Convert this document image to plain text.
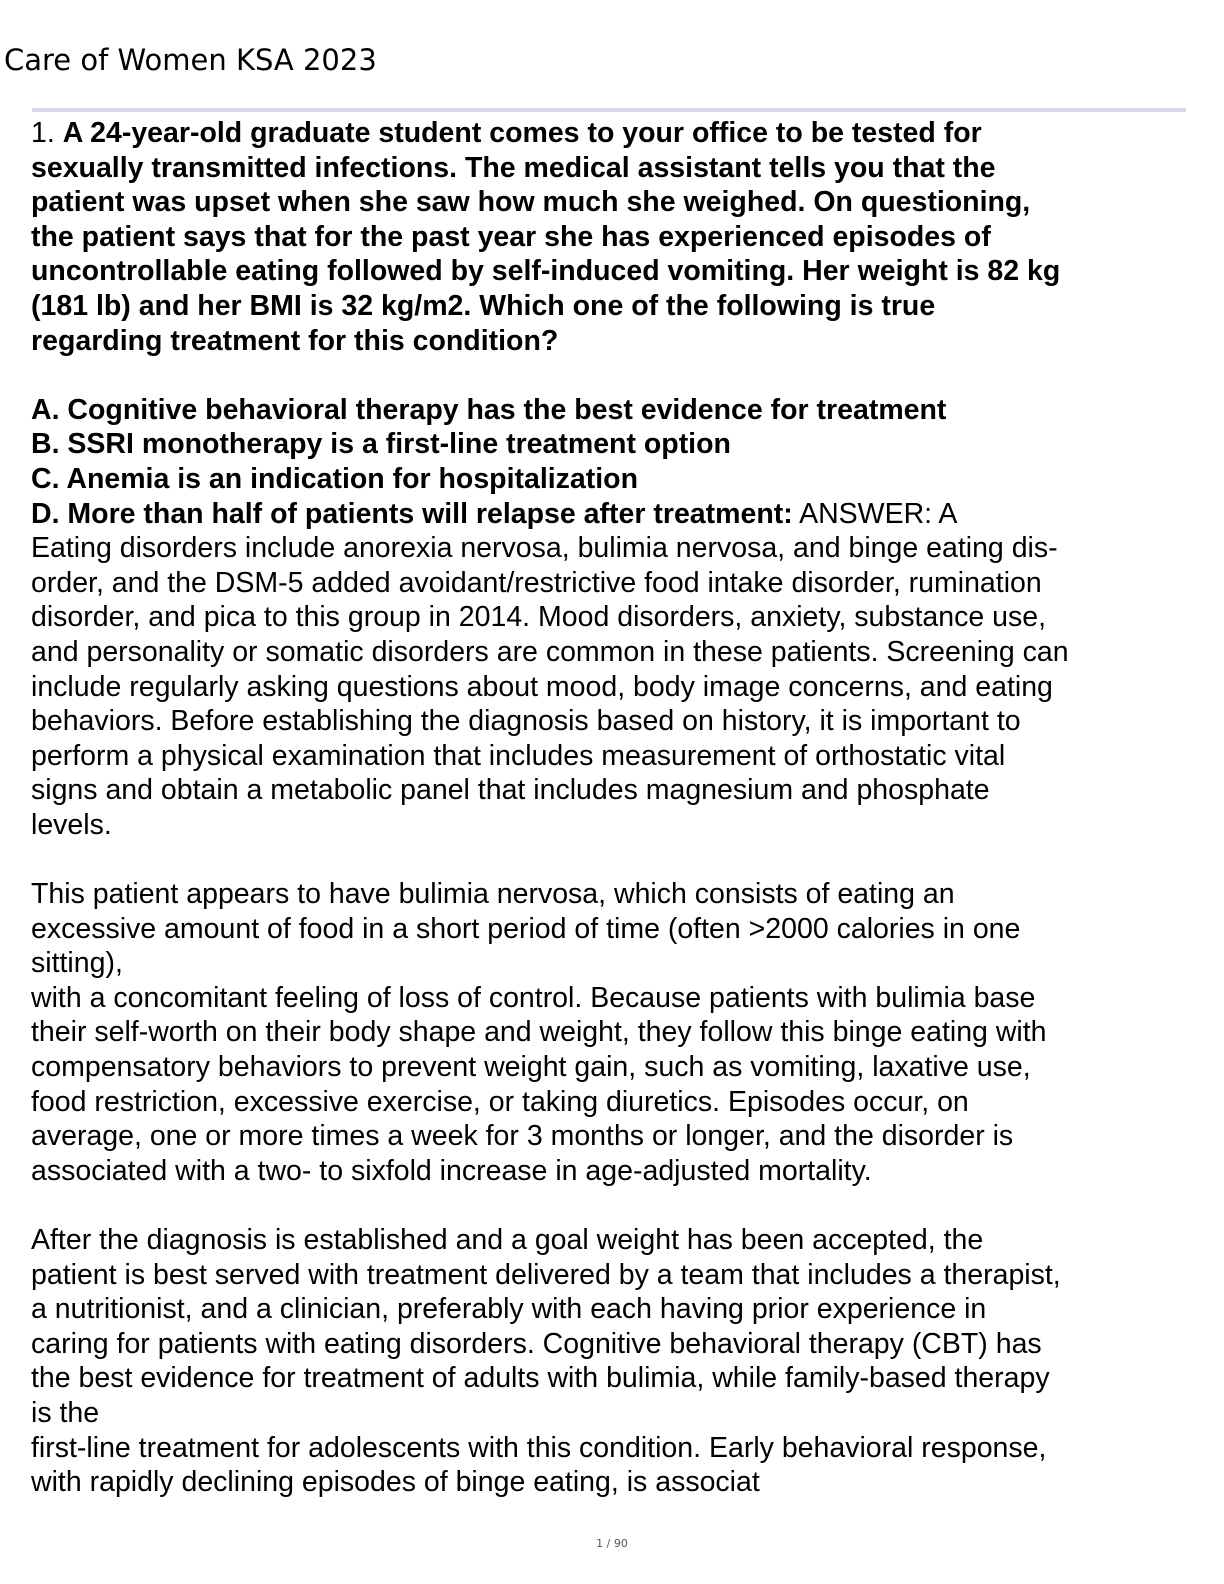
Care of Women KSA 2023

1. A 24-year-old graduate student comes to your office to be tested for

sexually transmitted infections. The medical assistant tells you that the

patient was upset when she saw how much she weighed. On questioning,

the patient says that for the past year she has experienced episodes of

uncontrollable eating followed by self-induced vomiting. Her weight is 82 kg

(181 lb) and her BMI is 32 kg/m2. Which one of the following is true

regarding treatment for this condition?

A. Cognitive behavioral therapy has the best evidence for treatment

B. SSRI monotherapy is a first-line treatment option

C. Anemia is an indication for hospitalization

D. More than half of patients will relapse after treatment: ANSWER: A

Eating disorders include anorexia nervosa, bulimia nervosa, and binge eating dis-

order, and the DSM-5 added avoidant/restrictive food intake disorder, rumination

disorder, and pica to this group in 2014. Mood disorders, anxiety, substance use,

and personality or somatic disorders are common in these patients. Screening can

include regularly asking questions about mood, body image concerns, and eating

behaviors. Before establishing the diagnosis based on history, it is important to

perform a physical examination that includes measurement of orthostatic vital

signs and obtain a metabolic panel that includes magnesium and phosphate

levels.

This patient appears to have bulimia nervosa, which consists of eating an

excessive amount of food in a short period of time (often >2000 calories in one

sitting),

with a concomitant feeling of loss of control. Because patients with bulimia base

their self-worth on their body shape and weight, they follow this binge eating with

compensatory behaviors to prevent weight gain, such as vomiting, laxative use,

food restriction, excessive exercise, or taking diuretics. Episodes occur, on

average, one or more times a week for 3 months or longer, and the disorder is

associated with a two- to sixfold increase in age-adjusted mortality.

After the diagnosis is established and a goal weight has been accepted, the

patient is best served with treatment delivered by a team that includes a therapist,

a nutritionist, and a clinician, preferably with each having prior experience in

caring for patients with eating disorders. Cognitive behavioral therapy (CBT) has

the best evidence for treatment of adults with bulimia, while family-based therapy

is the

first-line treatment for adolescents with this condition. Early behavioral response,

with rapidly declining episodes of binge eating, is associat

1 / 90
